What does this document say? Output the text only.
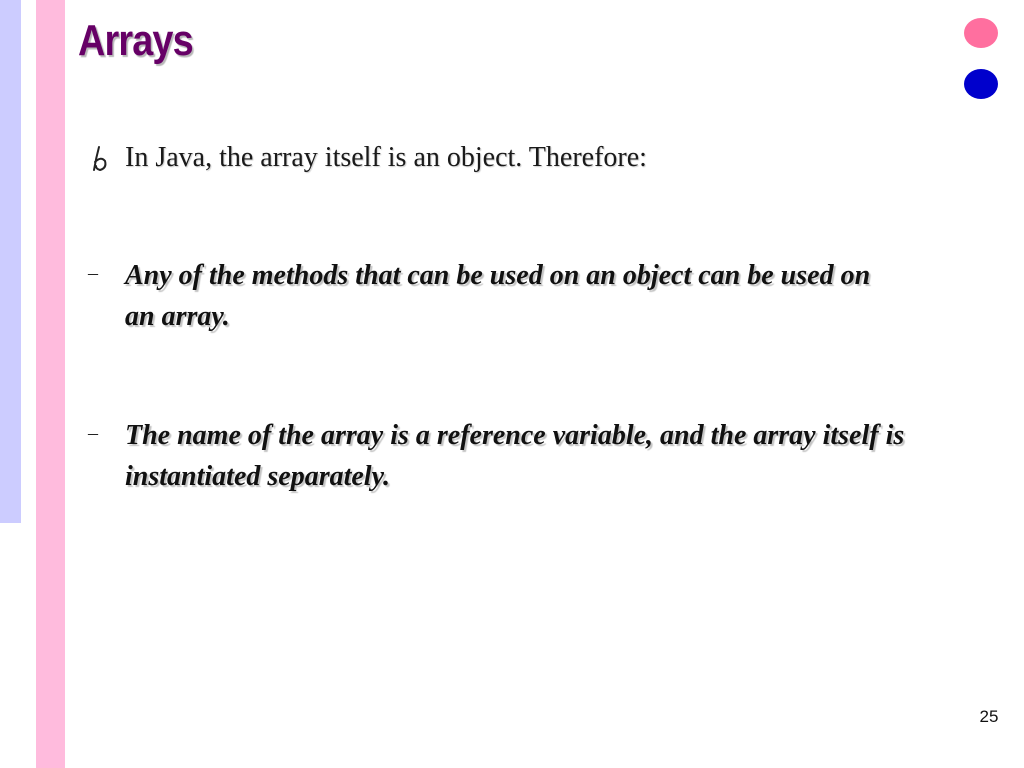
Arrays

In Java, the array itself is an object. Therefore:

– Any of the methods that can be used on an object can be used on an array.

– The name of the array is a reference variable, and the array itself is instantiated separately.

25
